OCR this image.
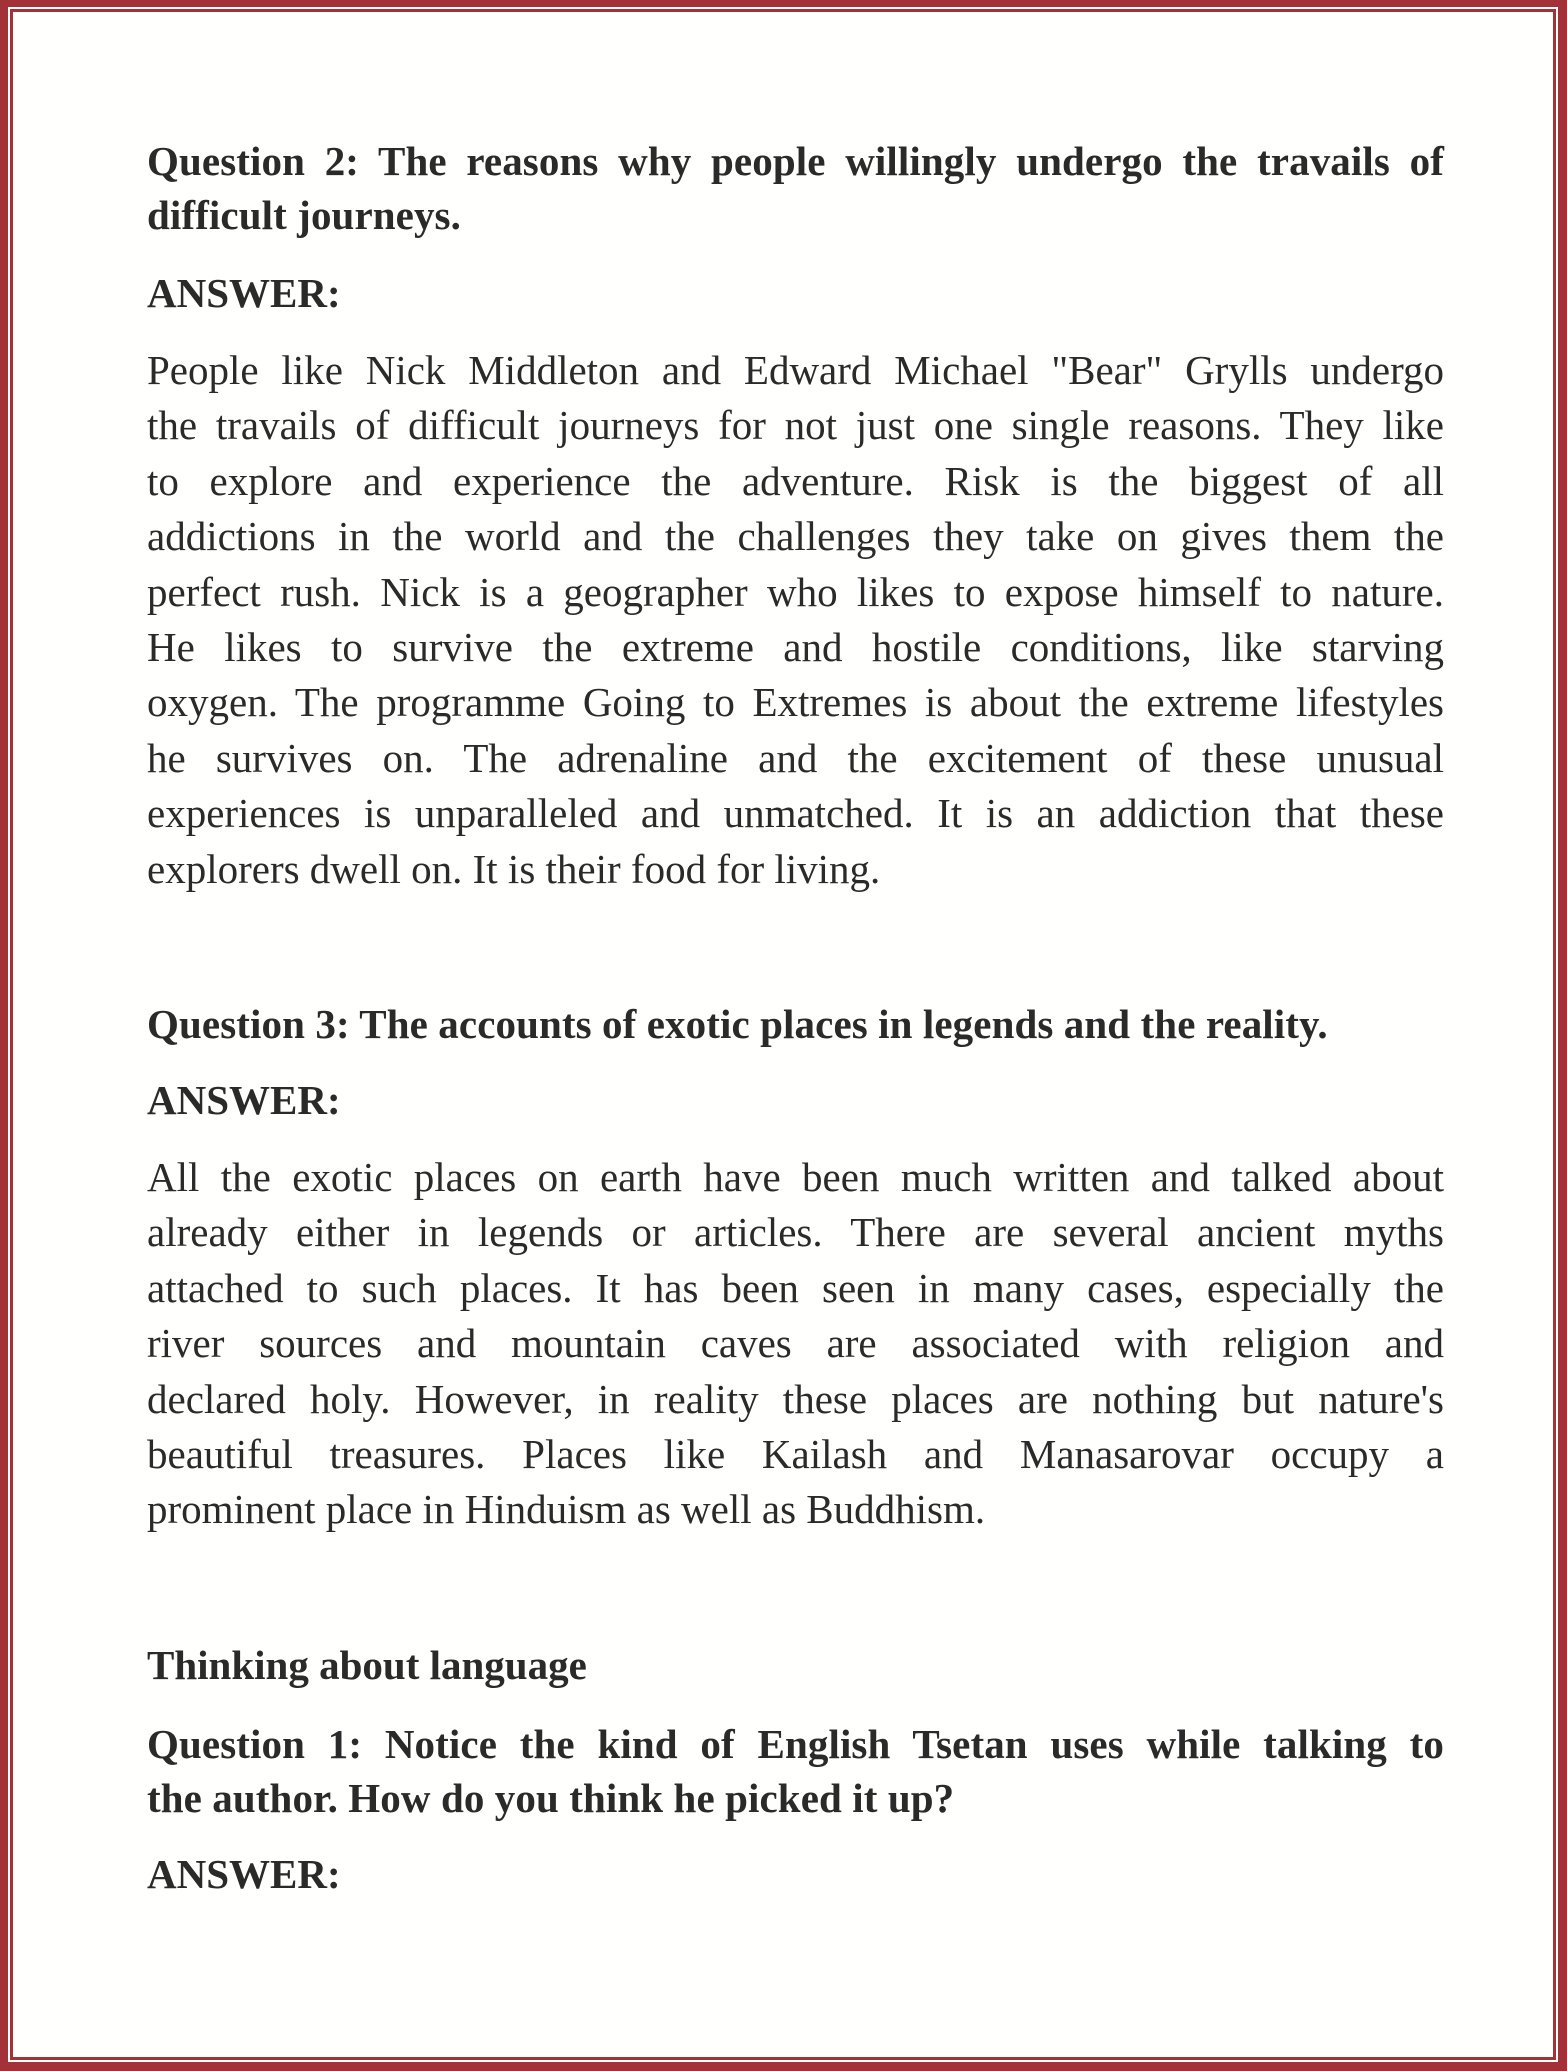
Question 2: The reasons why people willingly undergo the travails of
difficult journeys.
ANSWER:
People like Nick Middleton and Edward Michael "Bear" Grylls undergo
the travails of difficult journeys for not just one single reasons. They like
to explore and experience the adventure. Risk is the biggest of all
addictions in the world and the challenges they take on gives them the
perfect rush. Nick is a geographer who likes to expose himself to nature.
He likes to survive the extreme and hostile conditions, like starving
oxygen. The programme Going to Extremes is about the extreme lifestyles
he survives on. The adrenaline and the excitement of these unusual
experiences is unparalleled and unmatched. It is an addiction that these
explorers dwell on. It is their food for living.
Question 3: The accounts of exotic places in legends and the reality.
ANSWER:
All the exotic places on earth have been much written and talked about
already either in legends or articles. There are several ancient myths
attached to such places. It has been seen in many cases, especially the
river sources and mountain caves are associated with religion and
declared holy. However, in reality these places are nothing but nature's
beautiful treasures. Places like Kailash and Manasarovar occupy a
prominent place in Hinduism as well as Buddhism.
Thinking about language
Question 1: Notice the kind of English Tsetan uses while talking to
the author. How do you think he picked it up?
ANSWER:
